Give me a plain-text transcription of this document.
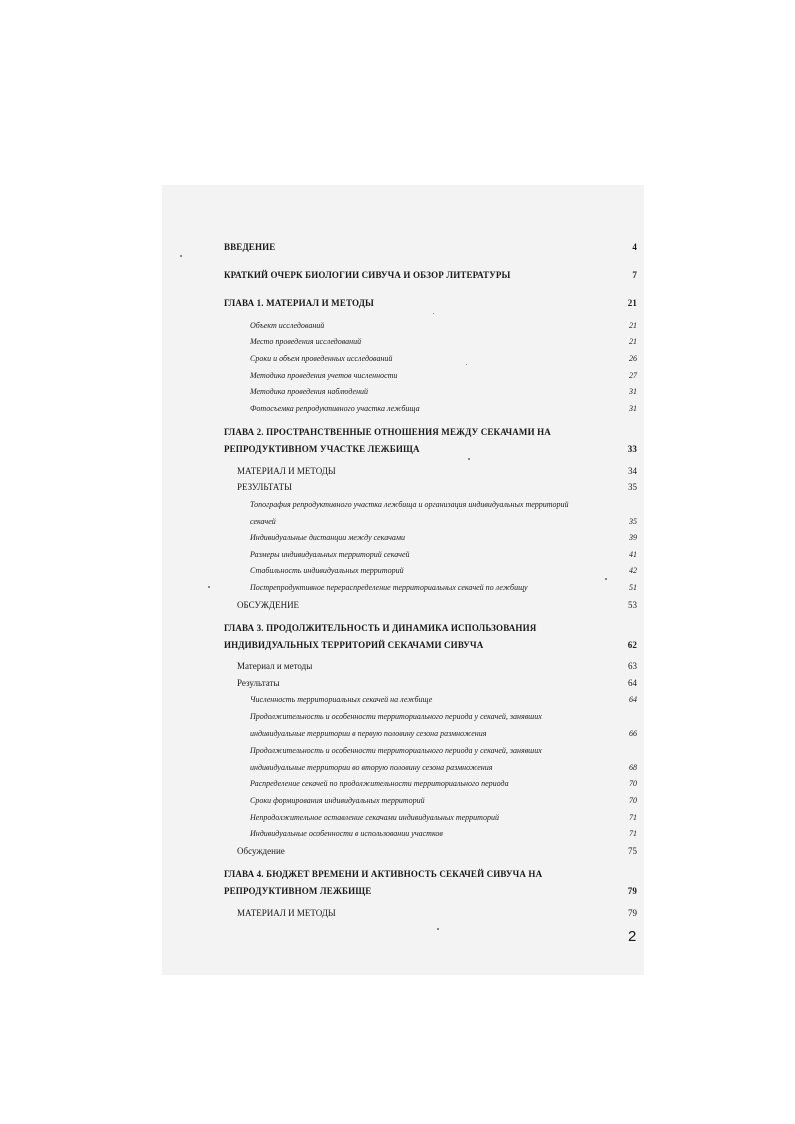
ВВЕДЕНИЕ	4
КРАТКИЙ ОЧЕРК БИОЛОГИИ СИВУЧА И ОБЗОР ЛИТЕРАТУРЫ	7
ГЛАВА 1. МАТЕРИАЛ И МЕТОДЫ	21
Объект исследований	21
Место проведения исследований	21
Сроки и объем проведенных исследований	26
Методика проведения учетов численности	27
Методика проведения наблюдений	31
Фотосъемка репродуктивного участка лежбища	31
ГЛАВА 2. ПРОСТРАНСТВЕННЫЕ ОТНОШЕНИЯ МЕЖДУ СЕКАЧАМИ НА
РЕПРОДУКТИВНОМ УЧАСТКЕ ЛЕЖБИЩА	33
МАТЕРИАЛ И МЕТОДЫ	34
РЕЗУЛЬТАТЫ	35
Топография репродуктивного участка лежбища и организация индивидуальных территорий
секачей	35
Индивидуальные дистанции между секачами	39
Размеры индивидуальных территорий секачей	41
Стабильность индивидуальных территорий	42
Пострепродуктивное перераспределение территориальных секачей по лежбищу	51
ОБСУЖДЕНИЕ	53
ГЛАВА 3. ПРОДОЛЖИТЕЛЬНОСТЬ И ДИНАМИКА ИСПОЛЬЗОВАНИЯ
ИНДИВИДУАЛЬНЫХ ТЕРРИТОРИЙ СЕКАЧАМИ СИВУЧА	62
Материал и методы	63
Результаты	64
Численность территориальных секачей на лежбище	64
Продолжительность и особенности территориального периода у секачей, занявших
индивидуальные территории в первую половину сезона размножения	66
Продолжительность и особенности территориального периода у секачей, занявших
индивидуальные территории во вторую половину сезона размножения	68
Распределение секачей по продолжительности территориального периода	70
Сроки формирования индивидуальных территорий	70
Непродолжительное оставление секачами индивидуальных территорий	71
Индивидуальные особенности в использовании участков	71
Обсуждение	75
ГЛАВА 4. БЮДЖЕТ ВРЕМЕНИ И АКТИВНОСТЬ СЕКАЧЕЙ СИВУЧА НА
РЕПРОДУКТИВНОМ ЛЕЖБИЩЕ	79
МАТЕРИАЛ И МЕТОДЫ	79
2
